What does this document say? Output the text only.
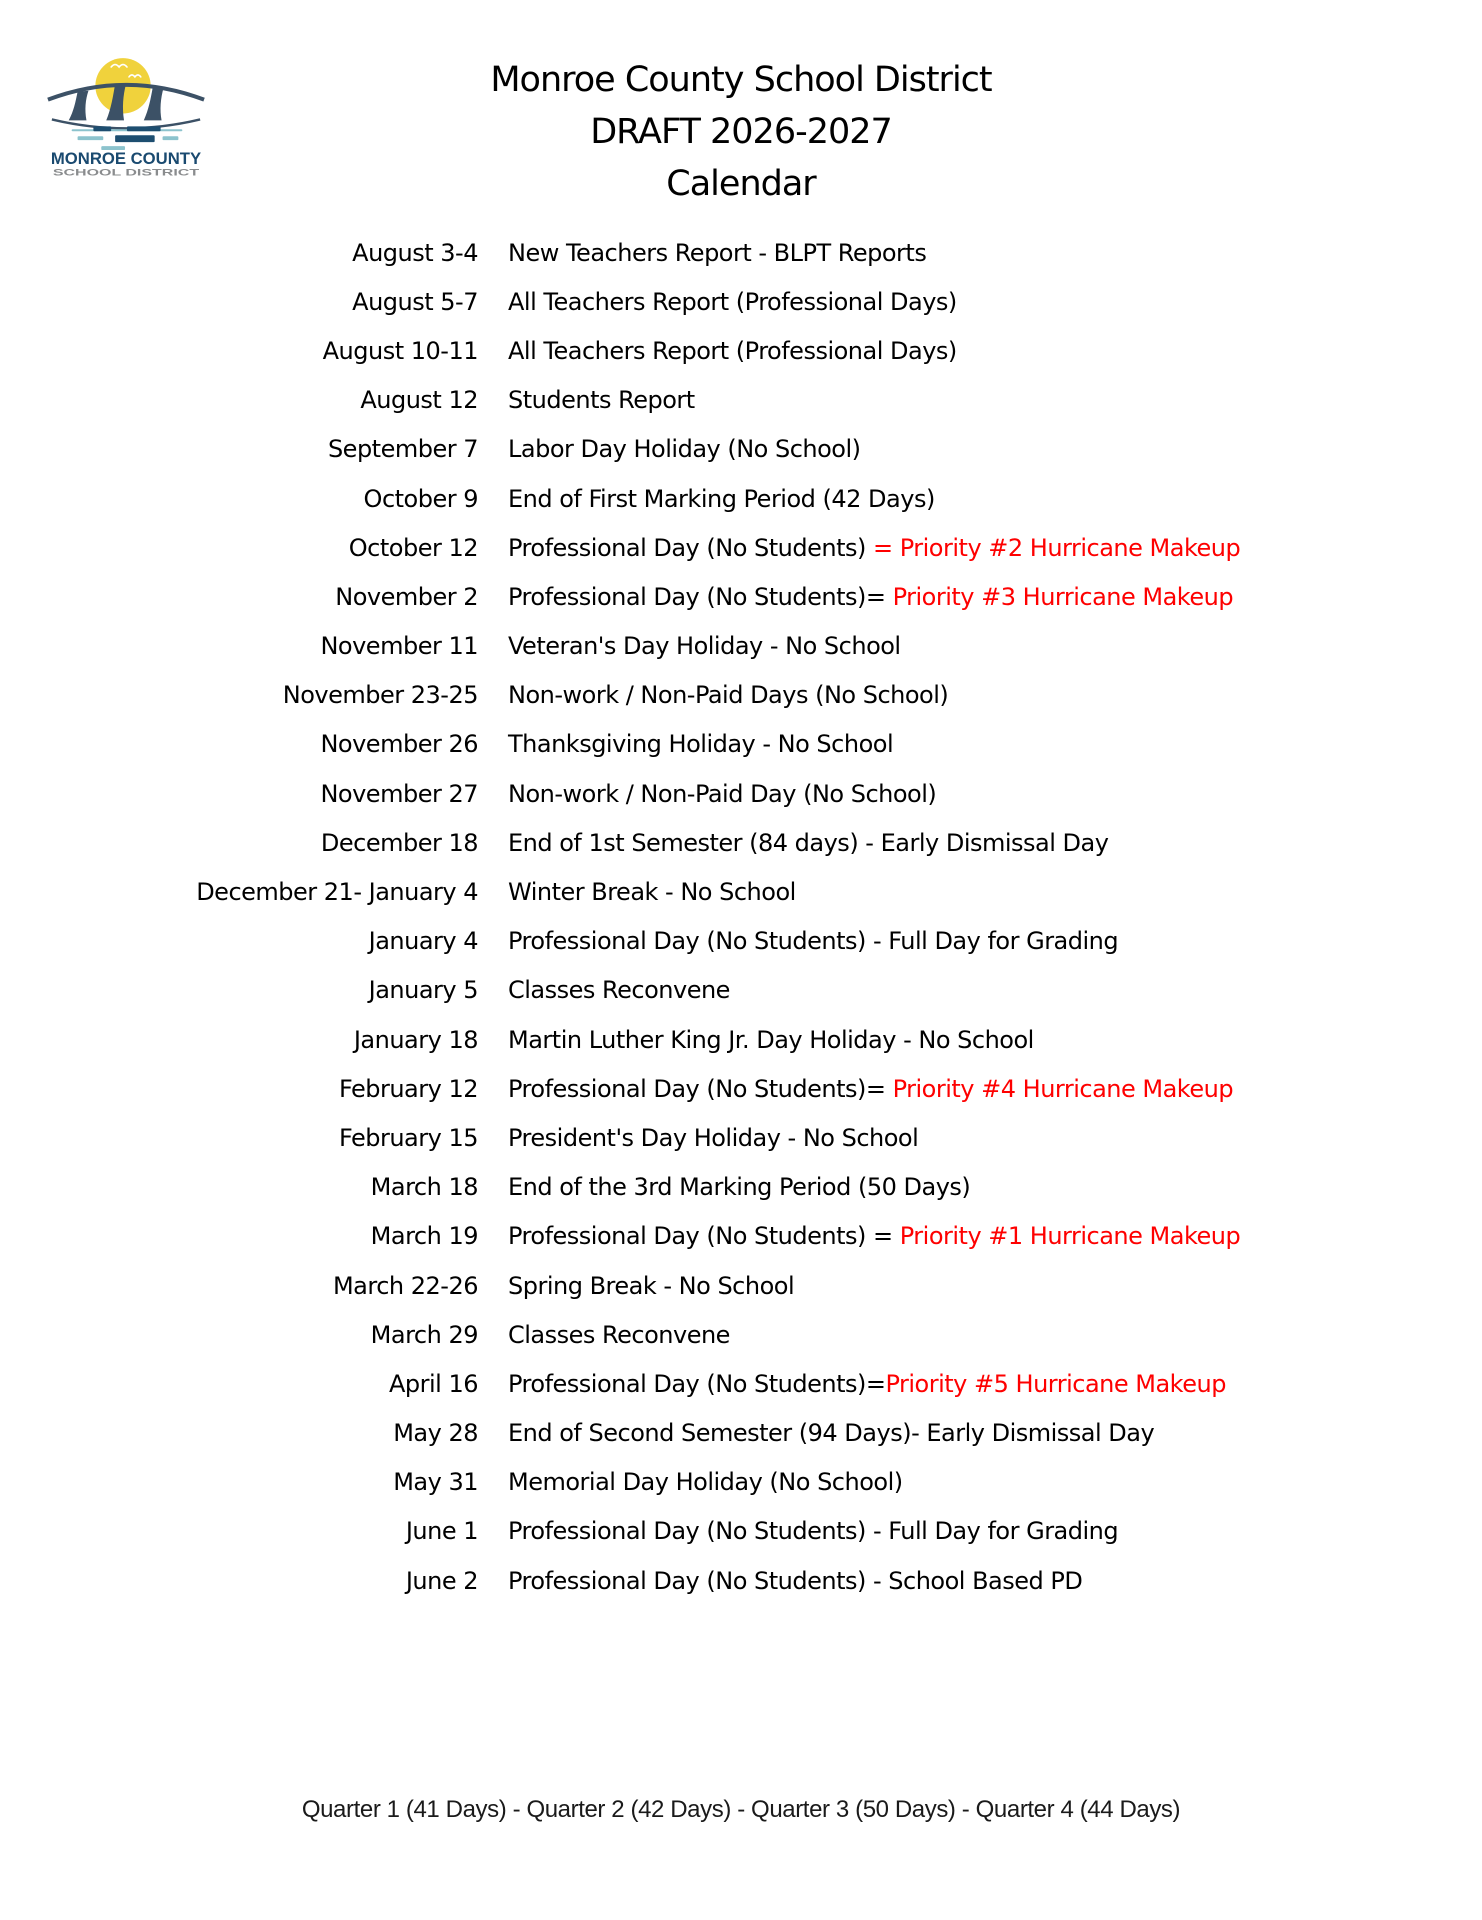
MONROE COUNTY
SCHOOL DISTRICT
Monroe County School District
DRAFT 2026-2027
Calendar
August 3-4 New Teachers Report - BLPT Reports
August 5-7 All Teachers Report (Professional Days)
August 10-11 All Teachers Report (Professional Days)
August 12 Students Report
September 7 Labor Day Holiday (No School)
October 9 End of First Marking Period (42 Days)
October 12 Professional Day (No Students) = Priority #2 Hurricane Makeup
November 2 Professional Day (No Students)= Priority #3 Hurricane Makeup
November 11 Veteran's Day Holiday - No School
November 23-25 Non-work / Non-Paid Days (No School)
November 26 Thanksgiving Holiday - No School
November 27 Non-work / Non-Paid Day (No School)
December 18 End of 1st Semester (84 days) - Early Dismissal Day
December 21- January 4 Winter Break - No School
January 4 Professional Day (No Students) - Full Day for Grading
January 5 Classes Reconvene
January 18 Martin Luther King Jr. Day Holiday - No School
February 12 Professional Day (No Students)= Priority #4 Hurricane Makeup
February 15 President's Day Holiday - No School
March 18 End of the 3rd Marking Period (50 Days)
March 19 Professional Day (No Students) = Priority #1 Hurricane Makeup
March 22-26 Spring Break - No School
March 29 Classes Reconvene
April 16 Professional Day (No Students)=Priority #5 Hurricane Makeup
May 28 End of Second Semester (94 Days)- Early Dismissal Day
May 31 Memorial Day Holiday (No School)
June 1 Professional Day (No Students) - Full Day for Grading
June 2 Professional Day (No Students) - School Based PD
Quarter 1 (41 Days) - Quarter 2 (42 Days) - Quarter 3 (50 Days) - Quarter 4 (44 Days)
